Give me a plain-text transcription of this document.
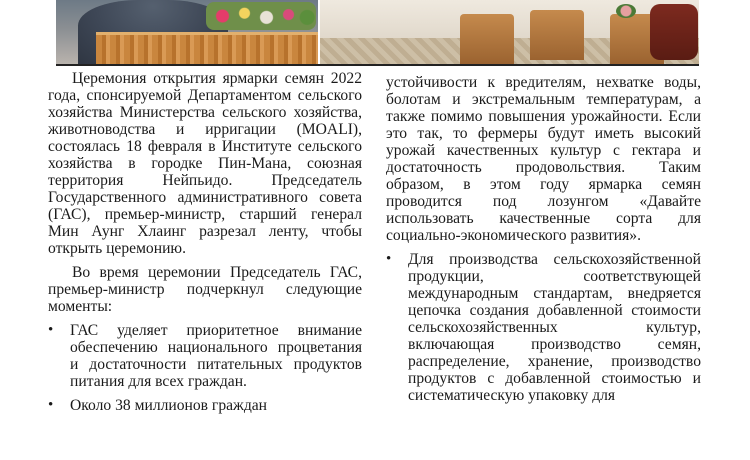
Церемония открытия ярмарки семян 2022 года, спонсируемой Департаментом сельского хозяйства Министерства сельского хозяйства, животноводства и ирригации (MOALI), состоялась 18 февраля в Институте сельского хозяйства в городке Пин-Мана, союзная территория Нейпьидо. Председатель Государственного административного совета (ГАС), премьер-министр, старший генерал Мин Аунг Хлаинг разрезал ленту, чтобы открыть церемонию.

Во время церемонии Председатель ГАС, премьер-министр подчеркнул следующие моменты:

• ГАС уделяет приоритетное внимание обеспечению национального процветания и достаточности питательных продуктов питания для всех граждан.
• Около 38 миллионов граждан

устойчивости к вредителям, нехватке воды, болотам и экстремальным температурам, а также помимо повышения урожайности. Если это так, то фермеры будут иметь высокий урожай качественных культур с гектара и достаточность продовольствия. Таким образом, в этом году ярмарка семян проводится под лозунгом «Давайте использовать качественные сорта для социально-экономического развития».

• Для производства сельскохозяйственной продукции, соответствующей международным стандартам, внедряется цепочка создания добавленной стоимости сельскохозяйственных культур, включающая производство семян, распределение, хранение, производство продуктов с добавленной стоимостью и систематическую упаковку для
